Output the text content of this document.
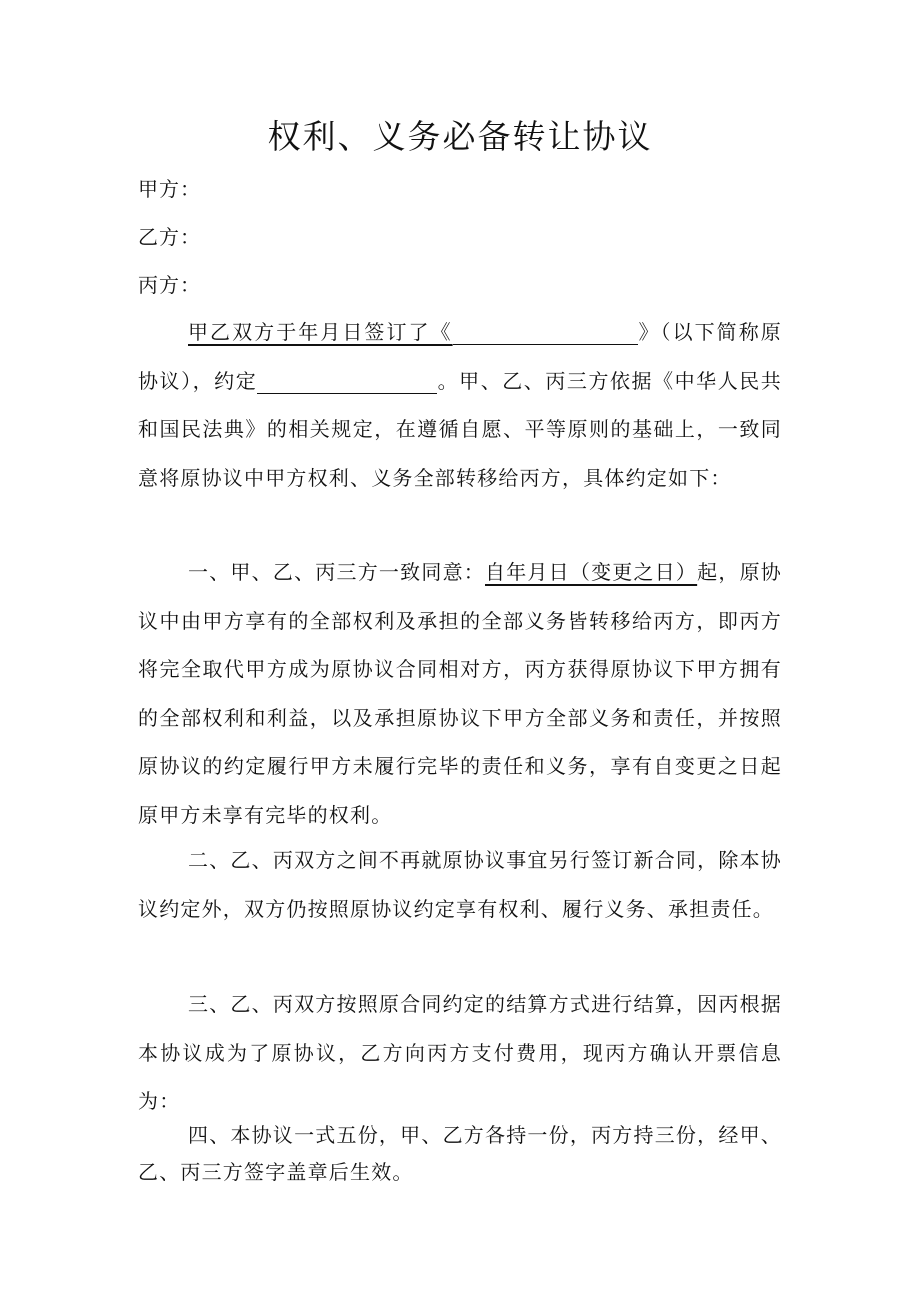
权利、义务必备转让协议
甲方：
乙方：
丙方：
甲乙双方于年月日签订了《	》（以下简称原协议），约定	。甲、乙、丙三方依据《中华人民共和国民法典》的相关规定，在遵循自愿、平等原则的基础上，一致同意将原协议中甲方权利、义务全部转移给丙方，具体约定如下：
一、甲、乙、丙三方一致同意：自年月日（变更之日）起，原协议中由甲方享有的全部权利及承担的全部义务皆转移给丙方，即丙方将完全取代甲方成为原协议合同相对方，丙方获得原协议下甲方拥有的全部权利和利益，以及承担原协议下甲方全部义务和责任，并按照原协议的约定履行甲方未履行完毕的责任和义务，享有自变更之日起原甲方未享有完毕的权利。
二、乙、丙双方之间不再就原协议事宜另行签订新合同，除本协议约定外，双方仍按照原协议约定享有权利、履行义务、承担责任。
三、乙、丙双方按照原合同约定的结算方式进行结算，因丙根据本协议成为了原协议，乙方向丙方支付费用，现丙方确认开票信息为：
四、本协议一式五份，甲、乙方各持一份，丙方持三份，经甲、乙、丙三方签字盖章后生效。
